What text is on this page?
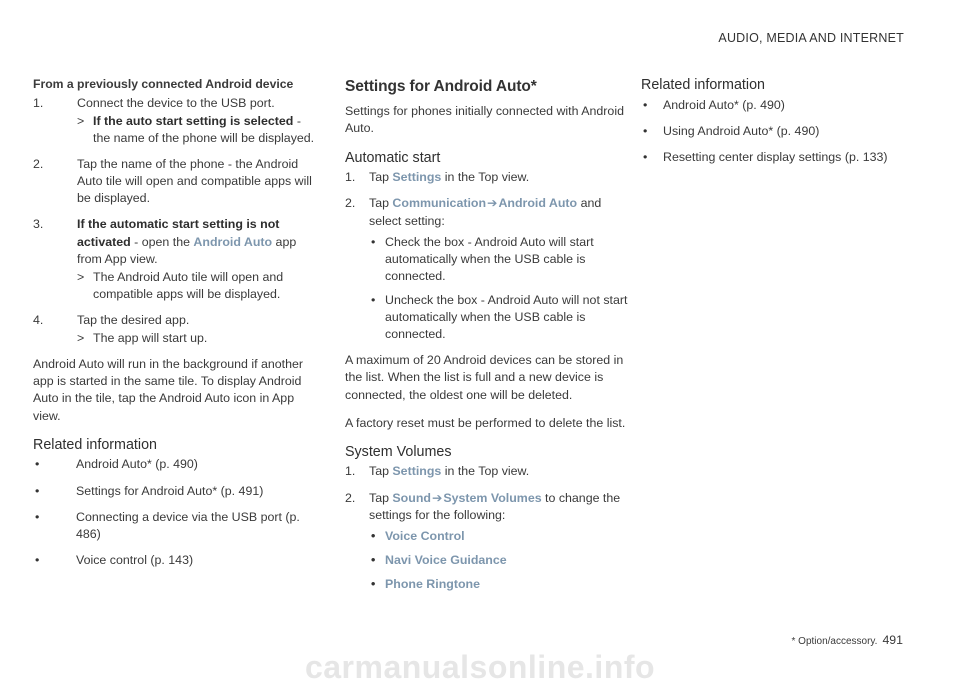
AUDIO, MEDIA AND INTERNET
From a previously connected Android device
1.	Connect the device to the USB port.
> If the auto start setting is selected - the name of the phone will be displayed.
2.	Tap the name of the phone - the Android Auto tile will open and compatible apps will be displayed.
3.	If the automatic start setting is not activated - open the Android Auto app from App view.
> The Android Auto tile will open and compatible apps will be displayed.
4.	Tap the desired app.
> The app will start up.

Android Auto will run in the background if another app is started in the same tile. To display Android Auto in the tile, tap the Android Auto icon in App view.

Related information
• Android Auto* (p. 490)
• Settings for Android Auto* (p. 491)
• Connecting a device via the USB port (p. 486)
• Voice control (p. 143)
Settings for Android Auto*

Settings for phones initially connected with Android Auto.

Automatic start
1.	Tap Settings in the Top view.
2.	Tap Communication➔Android Auto and select setting:
• Check the box - Android Auto will start automatically when the USB cable is connected.
• Uncheck the box - Android Auto will not start automatically when the USB cable is connected.

A maximum of 20 Android devices can be stored in the list. When the list is full and a new device is connected, the oldest one will be deleted.

A factory reset must be performed to delete the list.

System Volumes
1.	Tap Settings in the Top view.
2.	Tap Sound➔System Volumes to change the settings for the following:
• Voice Control
• Navi Voice Guidance
• Phone Ringtone
Related information
• Android Auto* (p. 490)
• Using Android Auto* (p. 490)
• Resetting center display settings (p. 133)
* Option/accessory. 491
carmanualsonline.info
